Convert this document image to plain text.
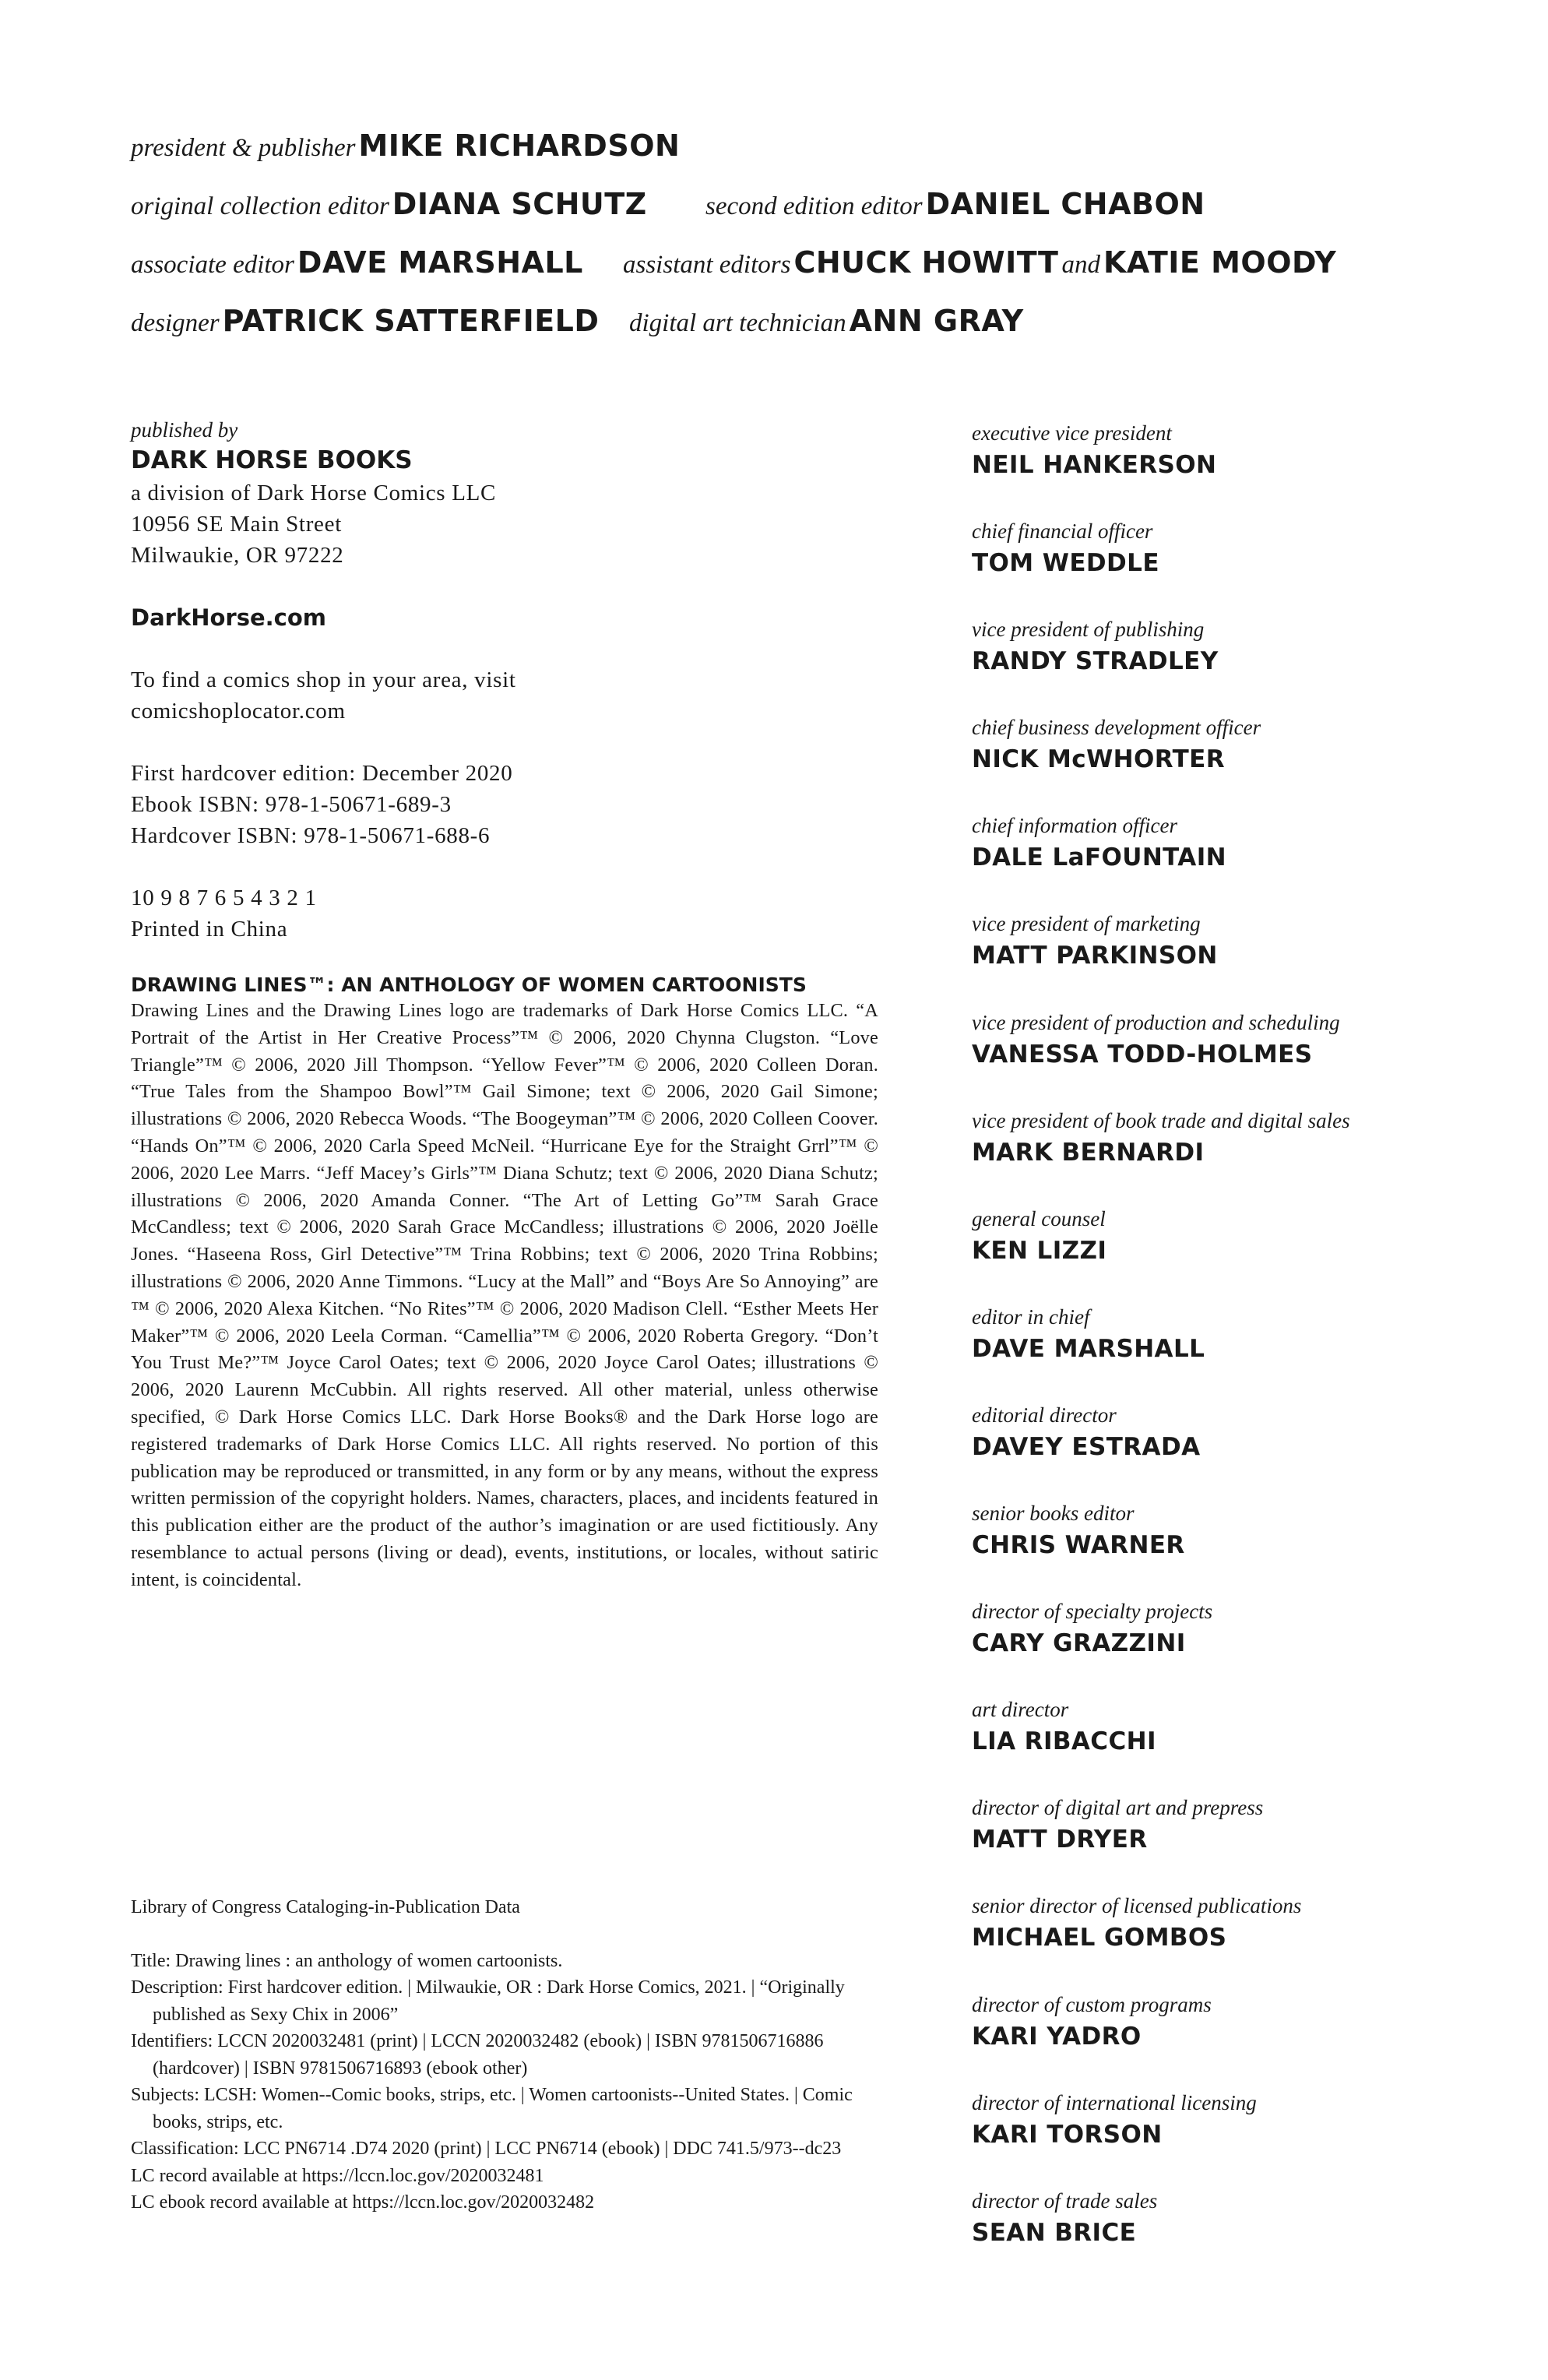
president & publisher MIKE RICHARDSON
original collection editor DIANA SCHUTZ second edition editor DANIEL CHABON
associate editor DAVE MARSHALL assistant editors CHUCK HOWITT and KATIE MOODY
designer PATRICK SATTERFIELD digital art technician ANN GRAY
published by
DARK HORSE BOOKS
a division of Dark Horse Comics LLC
10956 SE Main Street
Milwaukie, OR 97222
DarkHorse.com
To find a comics shop in your area, visit
comicshoplocator.com
First hardcover edition: December 2020
Ebook ISBN: 978-1-50671-689-3
Hardcover ISBN: 978-1-50671-688-6
10 9 8 7 6 5 4 3 2 1
Printed in China
DRAWING LINES™: AN ANTHOLOGY OF WOMEN CARTOONISTS

Drawing Lines and the Drawing Lines logo are trademarks of Dark Horse Comics LLC. “A Portrait of the Artist in Her Creative Process”™ © 2006, 2020 Chynna Clugston. “Love Triangle”™ © 2006, 2020 Jill Thompson. “Yellow Fever”™ © 2006, 2020 Colleen Doran. “True Tales from the Shampoo Bowl”™ Gail Simone; text © 2006, 2020 Gail Simone; illustrations © 2006, 2020 Rebecca Woods. “The Boogeyman”™ © 2006, 2020 Colleen Coover. “Hands On”™ © 2006, 2020 Carla Speed McNeil. “Hurricane Eye for the Straight Grrl”™ © 2006, 2020 Lee Marrs. “Jeff Macey’s Girls”™ Diana Schutz; text © 2006, 2020 Diana Schutz; illustrations © 2006, 2020 Amanda Conner. “The Art of Letting Go”™ Sarah Grace McCandless; text © 2006, 2020 Sarah Grace McCandless; illustrations © 2006, 2020 Joëlle Jones. “Haseena Ross, Girl Detective”™ Trina Robbins; text © 2006, 2020 Trina Robbins; illustrations © 2006, 2020 Anne Timmons. “Lucy at the Mall” and “Boys Are So Annoying” are ™ © 2006, 2020 Alexa Kitchen. “No Rites”™ © 2006, 2020 Madison Clell. “Esther Meets Her Maker”™ © 2006, 2020 Leela Corman. “Camellia”™ © 2006, 2020 Roberta Gregory. “Don’t You Trust Me?”™ Joyce Carol Oates; text © 2006, 2020 Joyce Carol Oates; illustrations © 2006, 2020 Laurenn McCubbin. All rights reserved. All other material, unless otherwise specified, © Dark Horse Comics LLC. Dark Horse Books® and the Dark Horse logo are registered trademarks of Dark Horse Comics LLC. All rights reserved. No portion of this publication may be reproduced or transmitted, in any form or by any means, without the express written permission of the copyright holders. Names, characters, places, and incidents featured in this publication either are the product of the author’s imagination or are used fictitiously. Any resemblance to actual persons (living or dead), events, institutions, or locales, without satiric intent, is coincidental.

Library of Congress Cataloging-in-Publication Data
Title: Drawing lines : an anthology of women cartoonists.
Description: First hardcover edition. | Milwaukie, OR : Dark Horse Comics, 2021. | “Originally published as Sexy Chix in 2006”
Identifiers: LCCN 2020032481 (print) | LCCN 2020032482 (ebook) | ISBN 9781506716886 (hardcover) | ISBN 9781506716893 (ebook other)
Subjects: LCSH: Women--Comic books, strips, etc. | Women cartoonists--United States. | Comic books, strips, etc.
Classification: LCC PN6714 .D74 2020 (print) | LCC PN6714 (ebook) | DDC 741.5/973--dc23
LC record available at https://lccn.loc.gov/2020032481
LC ebook record available at https://lccn.loc.gov/2020032482
executive vice president
NEIL HANKERSON
chief financial officer
TOM WEDDLE
vice president of publishing
RANDY STRADLEY
chief business development officer
NICK McWHORTER
chief information officer
DALE LaFOUNTAIN
vice president of marketing
MATT PARKINSON
vice president of production and scheduling
VANESSA TODD-HOLMES
vice president of book trade and digital sales
MARK BERNARDI
general counsel
KEN LIZZI
editor in chief
DAVE MARSHALL
editorial director
DAVEY ESTRADA
senior books editor
CHRIS WARNER
director of specialty projects
CARY GRAZZINI
art director
LIA RIBACCHI
director of digital art and prepress
MATT DRYER
senior director of licensed publications
MICHAEL GOMBOS
director of custom programs
KARI YADRO
director of international licensing
KARI TORSON
director of trade sales
SEAN BRICE
